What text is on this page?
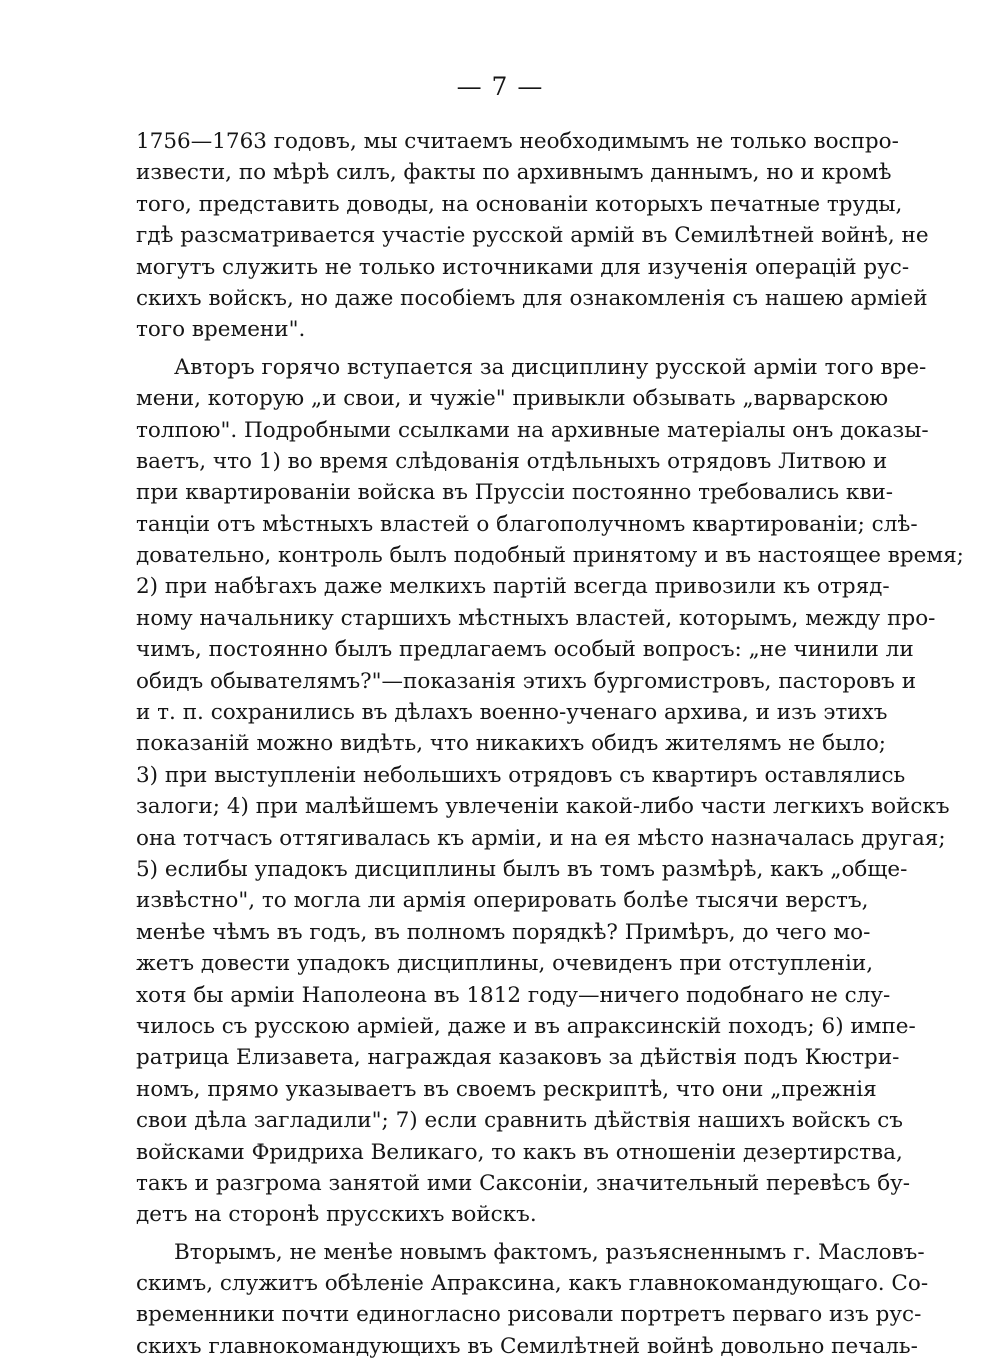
— 7 —
1756—1763 годовъ, мы считаемъ необходимымъ не только воспро-
извести, по мѣрѣ силъ, факты по архивнымъ даннымъ, но и кромѣ
того, представить доводы, на основаніи которыхъ печатные труды,
гдѣ разсматривается участіе русской армій въ Семилѣтней войнѣ, не
могутъ служить не только источниками для изученія операцій рус-
скихъ войскъ, но даже пособіемъ для ознакомленія съ нашею арміей
того времени".
Авторъ горячо вступается за дисциплину русской арміи того вре-
мени, которую „и свои, и чужіе" привыкли обзывать „варварскою
толпою". Подробными ссылками на архивные матеріалы онъ доказы-
ваетъ, что 1) во время слѣдованія отдѣльныхъ отрядовъ Литвою и
при квартированіи войска въ Пруссіи постоянно требовались кви-
танціи отъ мѣстныхъ властей о благополучномъ квартированіи; слѣ-
довательно, контроль былъ подобный принятому и въ настоящее время;
2) при набѣгахъ даже мелкихъ партій всегда привозили къ отряд-
ному начальнику старшихъ мѣстныхъ властей, которымъ, между про-
чимъ, постоянно былъ предлагаемъ особый вопросъ: „не чинили ли
обидъ обывателямъ?"—показанія этихъ бургомистровъ, пасторовъ и
и т. п. сохранились въ дѣлахъ военно-ученаго архива, и изъ этихъ
показаній можно видѣть, что никакихъ обидъ жителямъ не было;
3) при выступленіи небольшихъ отрядовъ съ квартиръ оставлялись
залоги; 4) при малѣйшемъ увлеченіи какой-либо части легкихъ войскъ
она тотчасъ оттягивалась къ арміи, и на ея мѣсто назначалась другая;
5) еслибы упадокъ дисциплины былъ въ томъ размѣрѣ, какъ „обще-
извѣстно", то могла ли армія оперировать болѣе тысячи верстъ,
менѣе чѣмъ въ годъ, въ полномъ порядкѣ? Примѣръ, до чего мо-
жетъ довести упадокъ дисциплины, очевиденъ при отступленіи,
хотя бы арміи Наполеона въ 1812 году—ничего подобнаго не слу-
чилось съ русскою арміей, даже и въ апраксинскій походъ; 6) импе-
ратрица Елизавета, награждая казаковъ за дѣйствія подъ Кюстри-
номъ, прямо указываетъ въ своемъ рескриптѣ, что они „прежнія
свои дѣла загладили"; 7) если сравнить дѣйствія нашихъ войскъ съ
войсками Фридриха Великаго, то какъ въ отношеніи дезертирства,
такъ и разгрома занятой ими Саксоніи, значительный перевѣсъ бу-
детъ на сторонѣ прусскихъ войскъ.
Вторымъ, не менѣе новымъ фактомъ, разъясненнымъ г. Масловъ-
скимъ, служитъ обѣленіе Апраксина, какъ главнокомандующаго. Со-
временники почти единогласно рисовали портретъ перваго изъ рус-
скихъ главнокомандующихъ въ Семилѣтней войнѣ довольно печаль-
